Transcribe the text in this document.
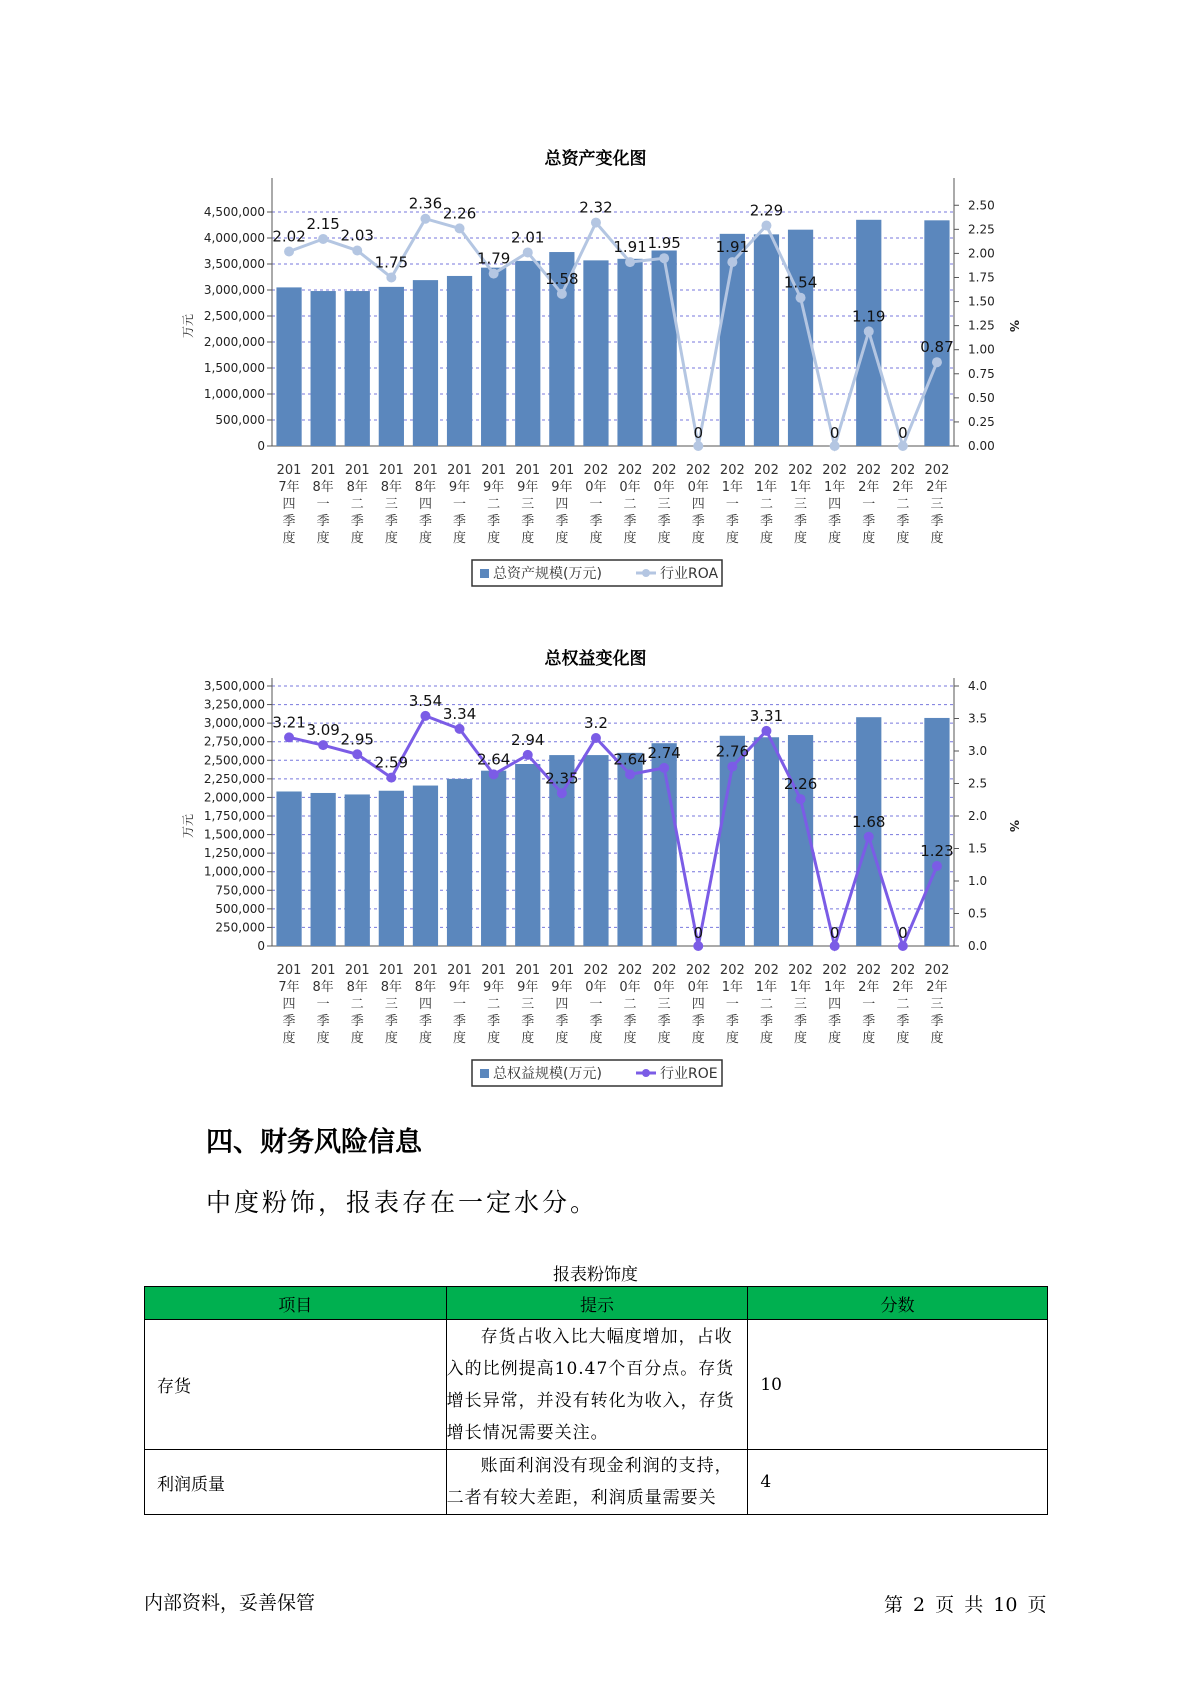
总资产变化图
0
500,000
1,000,000
1,500,000
2,000,000
2,500,000
3,000,000
3,500,000
4,000,000
4,500,000
0.00
0.25
0.50
0.75
1.00
1.25
1.50
1.75
2.00
2.25
2.50
万元	%
2.02
2.15
2.03
1.75
2.36
2.26
1.79
2.01
1.58
2.32
1.91 1.95
0
1.91
2.29
1.54
0
1.19
0
0.87
201
7年
四
季
度
201
8年
一
季
度
201
8年
二
季
度
201
8年
三
季
度
201
8年
四
季
度
201
9年
一
季
度
201
9年
二
季
度
201
9年
三
季
度
201
9年
四
季
度
202
0年
一
季
度
202
0年
二
季
度
202
0年
三
季
度
202
0年
四
季
度
202
1年
一
季
度
202
1年
二
季
度
202
1年
三
季
度
202
1年
四
季
度
202
2年
一
季
度
202
2年
二
季
度
202
2年
三
季
度
总资产规模(万元)	行业ROA
总权益变化图
0
250,000
500,000
750,000
1,000,000
1,250,000
1,500,000
1,750,000
2,000,000
2,250,000
2,500,000
2,750,000
3,000,000
3,250,000
3,500,000
0.0
0.5
1.0
1.5
2.0
2.5
3.0
3.5
4.0
万元	%
3.21 3.09
2.95
2.59
3.54
3.34
2.64
2.94
2.35
3.2
2.64 2.74
0
2.76
3.31
2.26
0
1.68
0
1.23
201
7年
四
季
度
201
8年
一
季
度
201
8年
二
季
度
201
8年
三
季
度
201
8年
四
季
度
201
9年
一
季
度
201
9年
二
季
度
201
9年
三
季
度
201
9年
四
季
度
202
0年
一
季
度
202
0年
二
季
度
202
0年
三
季
度
202
0年
四
季
度
202
1年
一
季
度
202
1年
二
季
度
202
1年
三
季
度
202
1年
四
季
度
202
2年
一
季
度
202
2年
二
季
度
202
2年
三
季
度
总权益规模(万元)	行业ROE
四、财务风险信息
中度粉饰，报表存在一定水分。
报表粉饰度
项目	提示	分数
存货	存货占收入比大幅度增加，占收入的比例提高10.47个百分点。存货增长异常，并没有转化为收入，存货增长情况需要关注。	10
利润质量	账面利润没有现金利润的支持，二者有较大差距，利润质量需要关	4
内部资料，妥善保管	第 2 页 共 10 页
